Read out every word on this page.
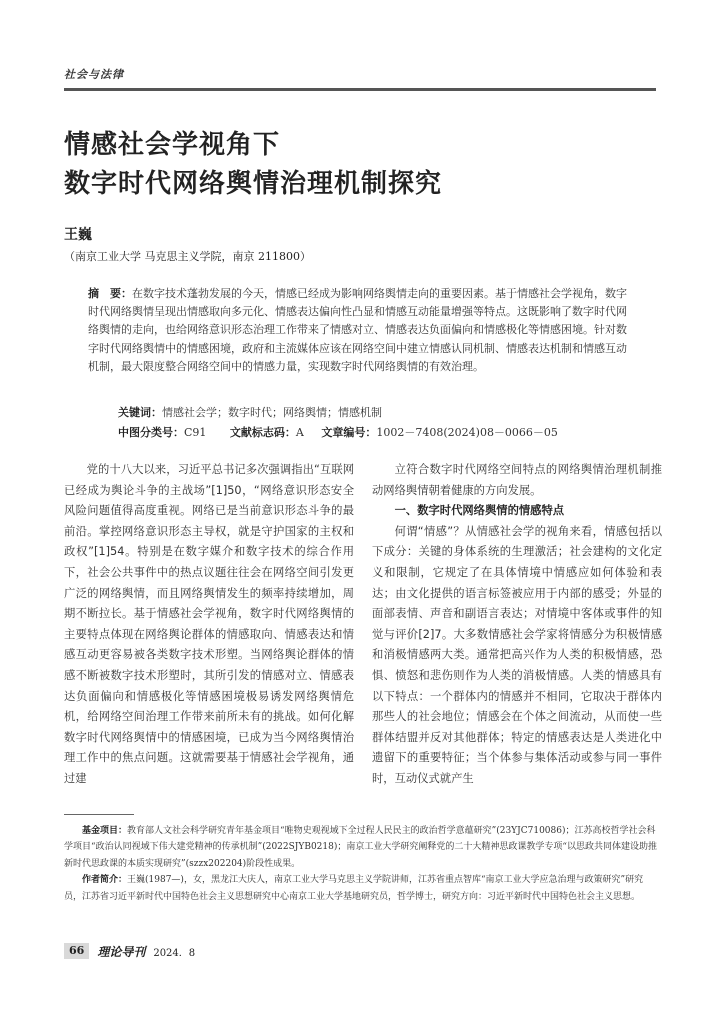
社会与法律
情感社会学视角下
数字时代网络舆情治理机制探究
王巍
（南京工业大学 马克思主义学院，南京 211800）
摘　要：在数字技术蓬勃发展的今天，情感已经成为影响网络舆情走向的重要因素。基于情感社会学视角，数字时代网络舆情呈现出情感取向多元化、情感表达偏向性凸显和情感互动能量增强等特点。这既影响了数字时代网络舆情的走向，也给网络意识形态治理工作带来了情感对立、情感表达负面偏向和情感极化等情感困境。针对数字时代网络舆情中的情感困境，政府和主流媒体应该在网络空间中建立情感认同机制、情感表达机制和情感互动机制，最大限度整合网络空间中的情感力量，实现数字时代网络舆情的有效治理。
关键词：情感社会学；数字时代；网络舆情；情感机制
中图分类号：C91 文献标志码：A 文章编号：1002－7408(2024)08－0066－05

党的十八大以来，习近平总书记多次强调指出“互联网已经成为舆论斗争的主战场”[1]50，“网络意识形态安全风险问题值得高度重视。网络已是当前意识形态斗争的最前沿。掌控网络意识形态主导权，就是守护国家的主权和政权”[1]54。特别是在数字媒介和数字技术的综合作用下，社会公共事件中的热点议题往往会在网络空间引发更广泛的网络舆情，而且网络舆情发生的频率持续增加，周期不断拉长。基于情感社会学视角，数字时代网络舆情的主要特点体现在网络舆论群体的情感取向、情感表达和情感互动更容易被各类数字技术形塑。当网络舆论群体的情感不断被数字技术形塑时，其所引发的情感对立、情感表达负面偏向和情感极化等情感困境极易诱发网络舆情危机，给网络空间治理工作带来前所未有的挑战。如何化解数字时代网络舆情中的情感困境，已成为当今网络舆情治理工作中的焦点问题。这就需要基于情感社会学视角，通过建

立符合数字时代网络空间特点的网络舆情治理机制推动网络舆情朝着健康的方向发展。

一、数字时代网络舆情的情感特点

何谓“情感”？从情感社会学的视角来看，情感包括以下成分：关键的身体系统的生理激活；社会建构的文化定义和限制，它规定了在具体情境中情感应如何体验和表达；由文化提供的语言标签被应用于内部的感受；外显的面部表情、声音和副语言表达；对情境中客体或事件的知觉与评价[2]7。大多数情感社会学家将情感分为积极情感和消极情感两大类。通常把高兴作为人类的积极情感，恐惧、愤怒和悲伤则作为人类的消极情感。人类的情感具有以下特点：一个群体内的情感并不相同，它取决于群体内那些人的社会地位；情感会在个体之间流动，从而使一些群体结盟并反对其他群体；特定的情感表达是人类进化中遗留下的重要特征；当个体参与集体活动或参与同一事件时，互动仪式就产生

基金项目：教育部人文社会科学研究青年基金项目“唯物史观视域下全过程人民民主的政治哲学意蕴研究”(23YJC710086)；江苏高校哲学社会科学项目“政治认同视域下伟大建党精神的传承机制”(2022SJYB0218)；南京工业大学研究阐释党的二十大精神思政课教学专项“以思政共同体建设助推新时代思政课的本质实现研究”(szzx202204)阶段性成果。

作者简介：王巍(1987—)，女，黑龙江大庆人，南京工业大学马克思主义学院讲师，江苏省重点智库“南京工业大学应急治理与政策研究”研究员，江苏省习近平新时代中国特色社会主义思想研究中心南京工业大学基地研究员，哲学博士，研究方向：习近平新时代中国特色社会主义思想。

66	理论导刊 2024．8
